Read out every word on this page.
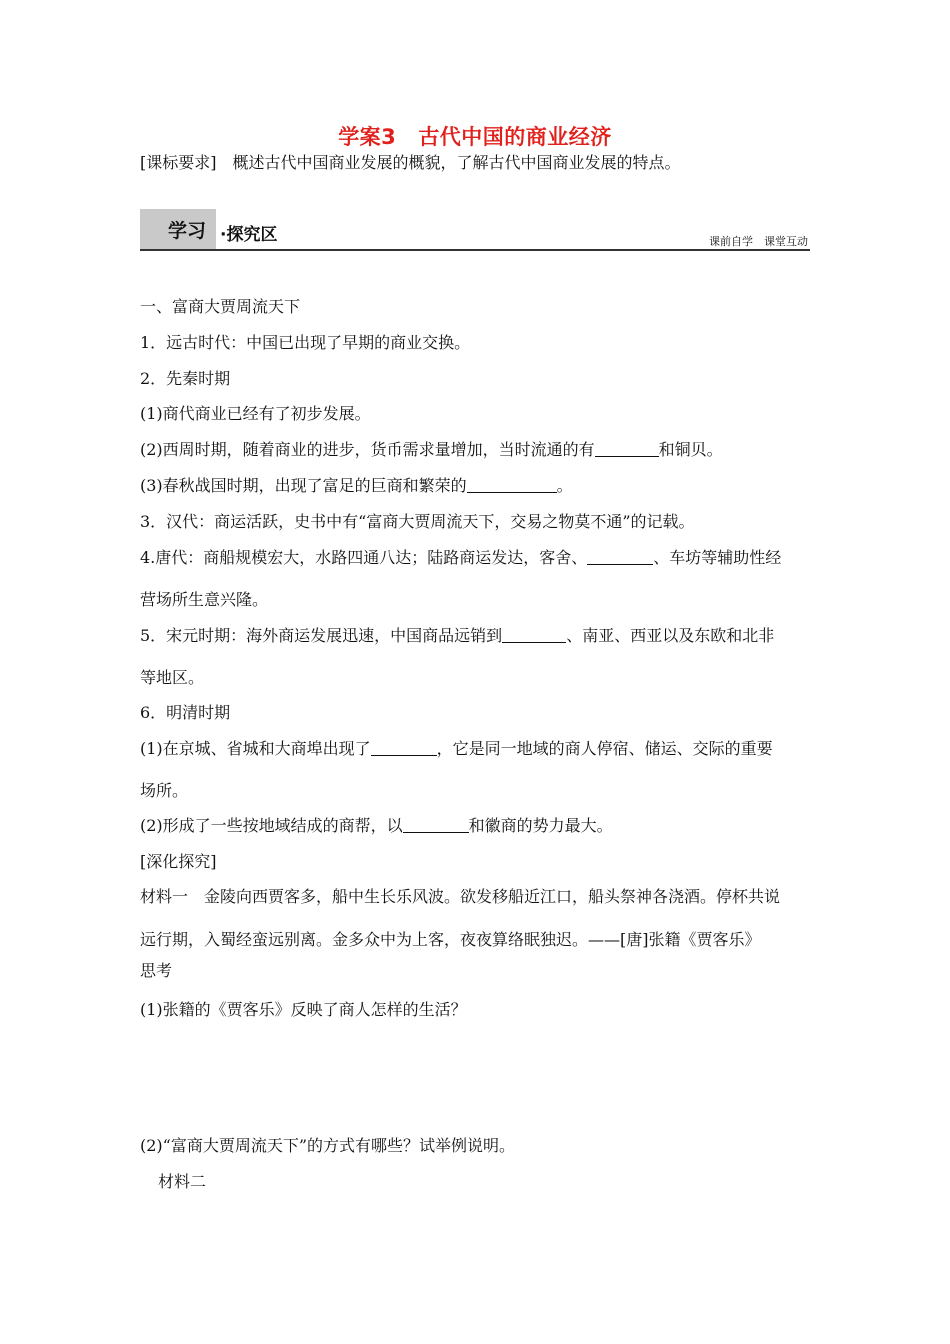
学案3 古代中国的商业经济
[课标要求]　概述古代中国商业发展的概貌，了解古代中国商业发展的特点。
学习 ·探究区	课前自学　课堂互动
一、富商大贾周流天下
1．远古时代：中国已出现了早期的商业交换。
2．先秦时期
(1)商代商业已经有了初步发展。
(2)西周时期，随着商业的进步，货币需求量增加，当时流通的有	和铜贝。
(3)春秋战国时期，出现了富足的巨商和繁荣的	。
3．汉代：商运活跃，史书中有“富商大贾周流天下，交易之物莫不通”的记载。
4.唐代：商船规模宏大，水路四通八达；陆路商运发达，客舍、	、车坊等辅助性经
营场所生意兴隆。
5．宋元时期：海外商运发展迅速，中国商品远销到	、南亚、西亚以及东欧和北非
等地区。
6．明清时期
(1)在京城、省城和大商埠出现了	，它是同一地域的商人停宿、储运、交际的重要
场所。
(2)形成了一些按地域结成的商帮，以	和徽商的势力最大。
[深化探究]
材料一　金陵向西贾客多，船中生长乐风波。欲发移船近江口，船头祭神各浇酒。停杯共说
远行期，入蜀经蛮远别离。金多众中为上客，夜夜算络眠独迟。——[唐]张籍《贾客乐》
思考
(1)张籍的《贾客乐》反映了商人怎样的生活？
(2)“富商大贾周流天下”的方式有哪些？试举例说明。
材料二
